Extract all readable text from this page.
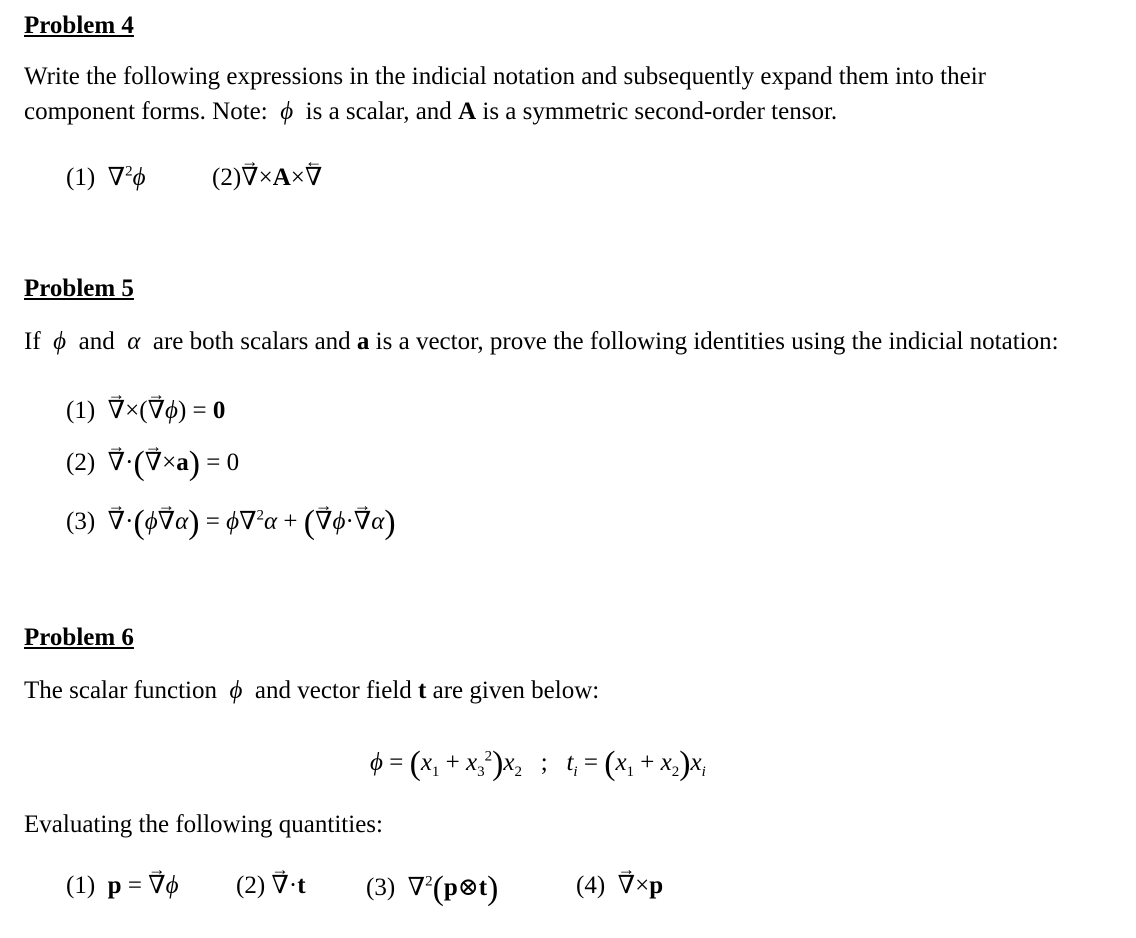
Problem 4
Write the following expressions in the indicial notation and subsequently expand them into their
component forms. Note:  ϕ  is a scalar, and A is a symmetric second-order tensor.
(1)  ∇$^2$ϕ	(2)→ ∇×A×← ∇
Problem 5
If  ϕ  and  α  are both scalars and a is a vector, prove the following identities using the indicial notation:
(1) → ∇×(→ ∇ϕ) = 0
(2) → ∇·(→ ∇×a) = 0
(3) → ∇·(ϕ→ ∇α) = ϕ∇$^2$α + (→ ∇ϕ·→ ∇α)
Problem 6
The scalar function  ϕ  and vector field t are given below:
$\phi = (x_1 + x_3^2)x_2$   ;   $t_i = (x_1 + x_2)x_i$
Evaluating the following quantities:
(1) p = → ∇ϕ (2) → ∇·t (3)  ∇$^2$(p⊗t)	(4) → ∇×p
